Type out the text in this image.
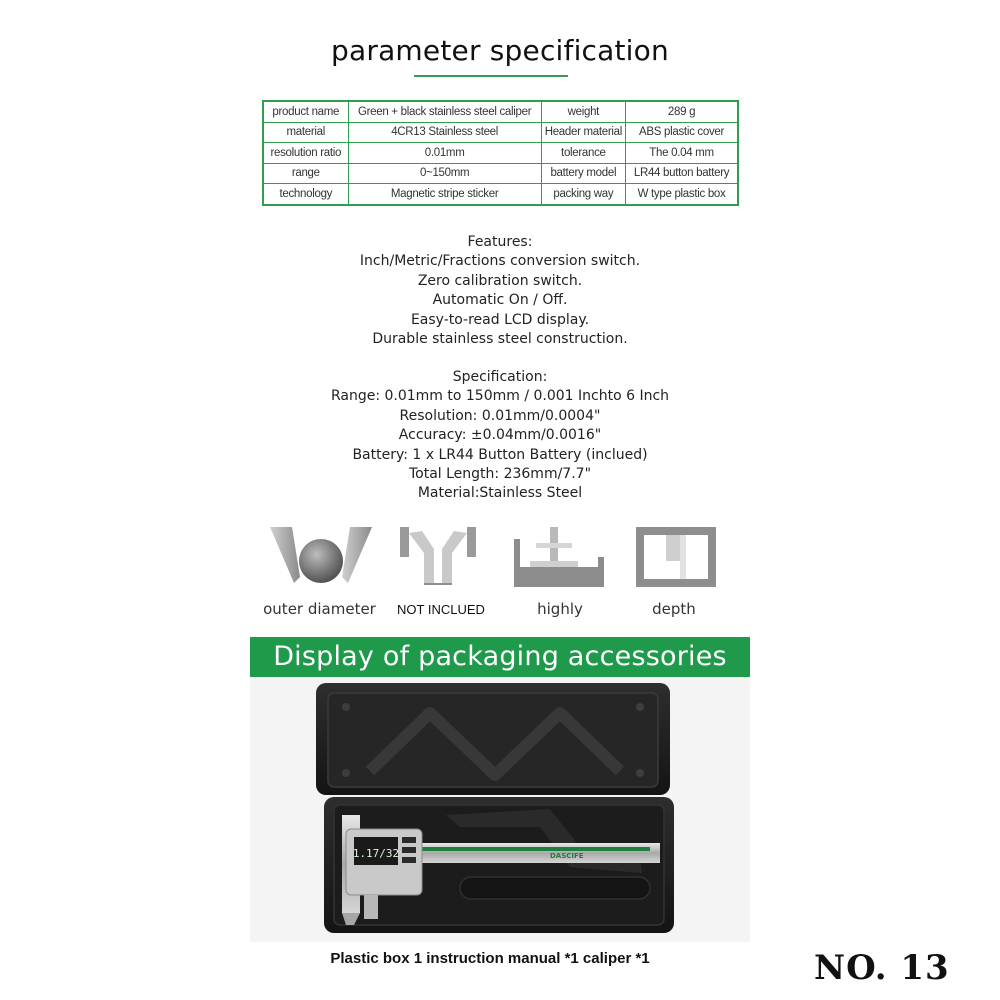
parameter specification
product name	Green + black stainless steel caliper	weight	289 g
material	4CR13 Stainless steel	Header material	ABS plastic cover
resolution ratio	0.01mm	tolerance	The 0.04 mm
range	0~150mm	battery model	LR44 button battery
technology	Magnetic stripe sticker	packing way	W type plastic box
Features:
Inch/Metric/Fractions conversion switch.
Zero calibration switch.
Automatic On / Off.
Easy-to-read LCD display.
Durable stainless steel construction.
Specification:
Range: 0.01mm to 150mm / 0.001 Inchto 6 Inch
Resolution: 0.01mm/0.0004"
Accuracy: ±0.04mm/0.0016"
Battery: 1 x LR44 Button Battery (inclued)
Total Length: 236mm/7.7"
Material:Stainless Steel
outer diameter	NOT INCLUED	highly	depth
Display of packaging accessories
1.17/32	DASCIFE
Plastic box 1 instruction manual *1 caliper *1	NO. 13
